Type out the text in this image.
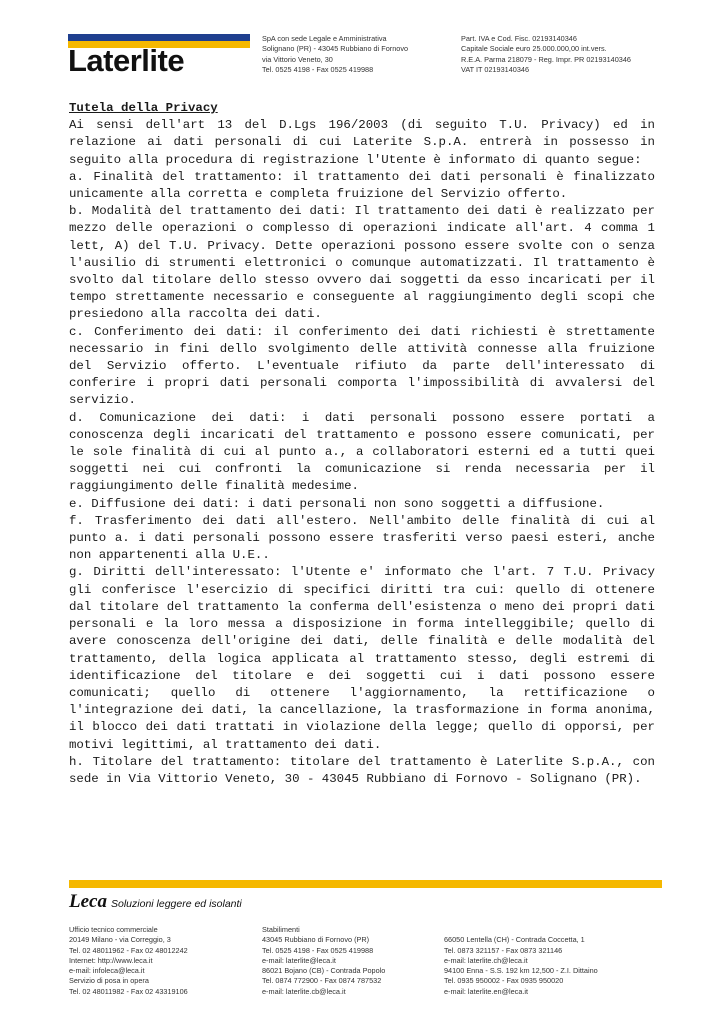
Laterlite
SpA con sede Legale e Amministrativa
Solignano (PR) - 43045 Rubbiano di Fornovo
via Vittorio Veneto, 30
Tel. 0525 4198 - Fax 0525 419988
Part. IVA e Cod. Fisc. 02193140346
Capitale Sociale euro 25.000.000,00 int.vers.
R.E.A. Parma 218079 - Reg. Impr. PR 02193140346
VAT IT 02193140346

Tutela della Privacy

Ai sensi dell'art 13 del D.Lgs 196/2003 (di seguito T.U. Privacy) ed in relazione ai dati personali di cui Laterite S.p.A. entrerà in possesso in seguito alla procedura di registrazione l'Utente è informato di quanto segue:

a. Finalità del trattamento: il trattamento dei dati personali è finalizzato unicamente alla corretta e completa fruizione del Servizio offerto.

b. Modalità del trattamento dei dati: Il trattamento dei dati è realizzato per mezzo delle operazioni o complesso di operazioni indicate all'art. 4 comma 1 lett, A) del T.U. Privacy. Dette operazioni possono essere svolte con o senza l'ausilio di strumenti elettronici o comunque automatizzati. Il trattamento è svolto dal titolare dello stesso ovvero dai soggetti da esso incaricati per il tempo strettamente necessario e conseguente al raggiungimento degli scopi che presiedono alla raccolta dei dati.

c. Conferimento dei dati: il conferimento dei dati richiesti è strettamente necessario in fini dello svolgimento delle attività connesse alla fruizione del Servizio offerto. L'eventuale rifiuto da parte dell'interessato di conferire i propri dati personali comporta l'impossibilità di avvalersi del servizio.

d. Comunicazione dei dati: i dati personali possono essere portati a conoscenza degli incaricati del trattamento e possono essere comunicati, per le sole finalità di cui al punto a., a collaboratori esterni ed a tutti quei soggetti nei cui confronti la comunicazione si renda necessaria per il raggiungimento delle finalità medesime.

e. Diffusione dei dati: i dati personali non sono soggetti a diffusione.

f. Trasferimento dei dati all'estero. Nell'ambito delle finalità di cui al punto a. i dati personali possono essere trasferiti verso paesi esteri, anche non appartenenti alla U.E..

g. Diritti dell'interessato: l'Utente e' informato che l'art. 7 T.U. Privacy gli conferisce l'esercizio di specifici diritti tra cui: quello di ottenere dal titolare del trattamento la conferma dell'esistenza o meno dei propri dati personali e la loro messa a disposizione in forma intelleggibile; quello di avere conoscenza dell'origine dei dati, delle finalità e delle modalità del trattamento, della logica applicata al trattamento stesso, degli estremi di identificazione del titolare e dei soggetti cui i dati possono essere comunicati; quello di ottenere l'aggiornamento, la rettificazione o l'integrazione dei dati, la cancellazione, la trasformazione in forma anonima, il blocco dei dati trattati in violazione della legge; quello di opporsi, per motivi legittimi, al trattamento dei dati.

h. Titolare del trattamento: titolare del trattamento è Laterlite S.p.A., con sede in Via Vittorio Veneto, 30 - 43045 Rubbiano di Fornovo - Solignano (PR).

Leca Soluzioni leggere ed isolanti
Ufficio tecnico commerciale
20149 Milano - via Correggio, 3
Tel. 02 48011962 - Fax 02 48012242
Internet: http://www.leca.it
e-mail: infoleca@leca.it
Servizio di posa in opera
Tel. 02 48011982 - Fax 02 43319106
Stabilimenti
43045 Rubbiano di Fornovo (PR)
Tel. 0525 4198 - Fax 0525 419988
e-mail: laterlite@leca.it
86021 Bojano (CB) - Contrada Popolo
Tel. 0874 772900 - Fax 0874 787532
e-mail: laterlite.cb@leca.it
66050 Lentella (CH) - Contrada Coccetta, 1
Tel. 0873 321157 - Fax 0873 321146
e-mail: laterlite.ch@leca.it
94100 Enna - S.S. 192 km 12,500 - Z.I. Dittaino
Tel. 0935 950002 - Fax 0935 950020
e-mail: laterlite.en@leca.it
